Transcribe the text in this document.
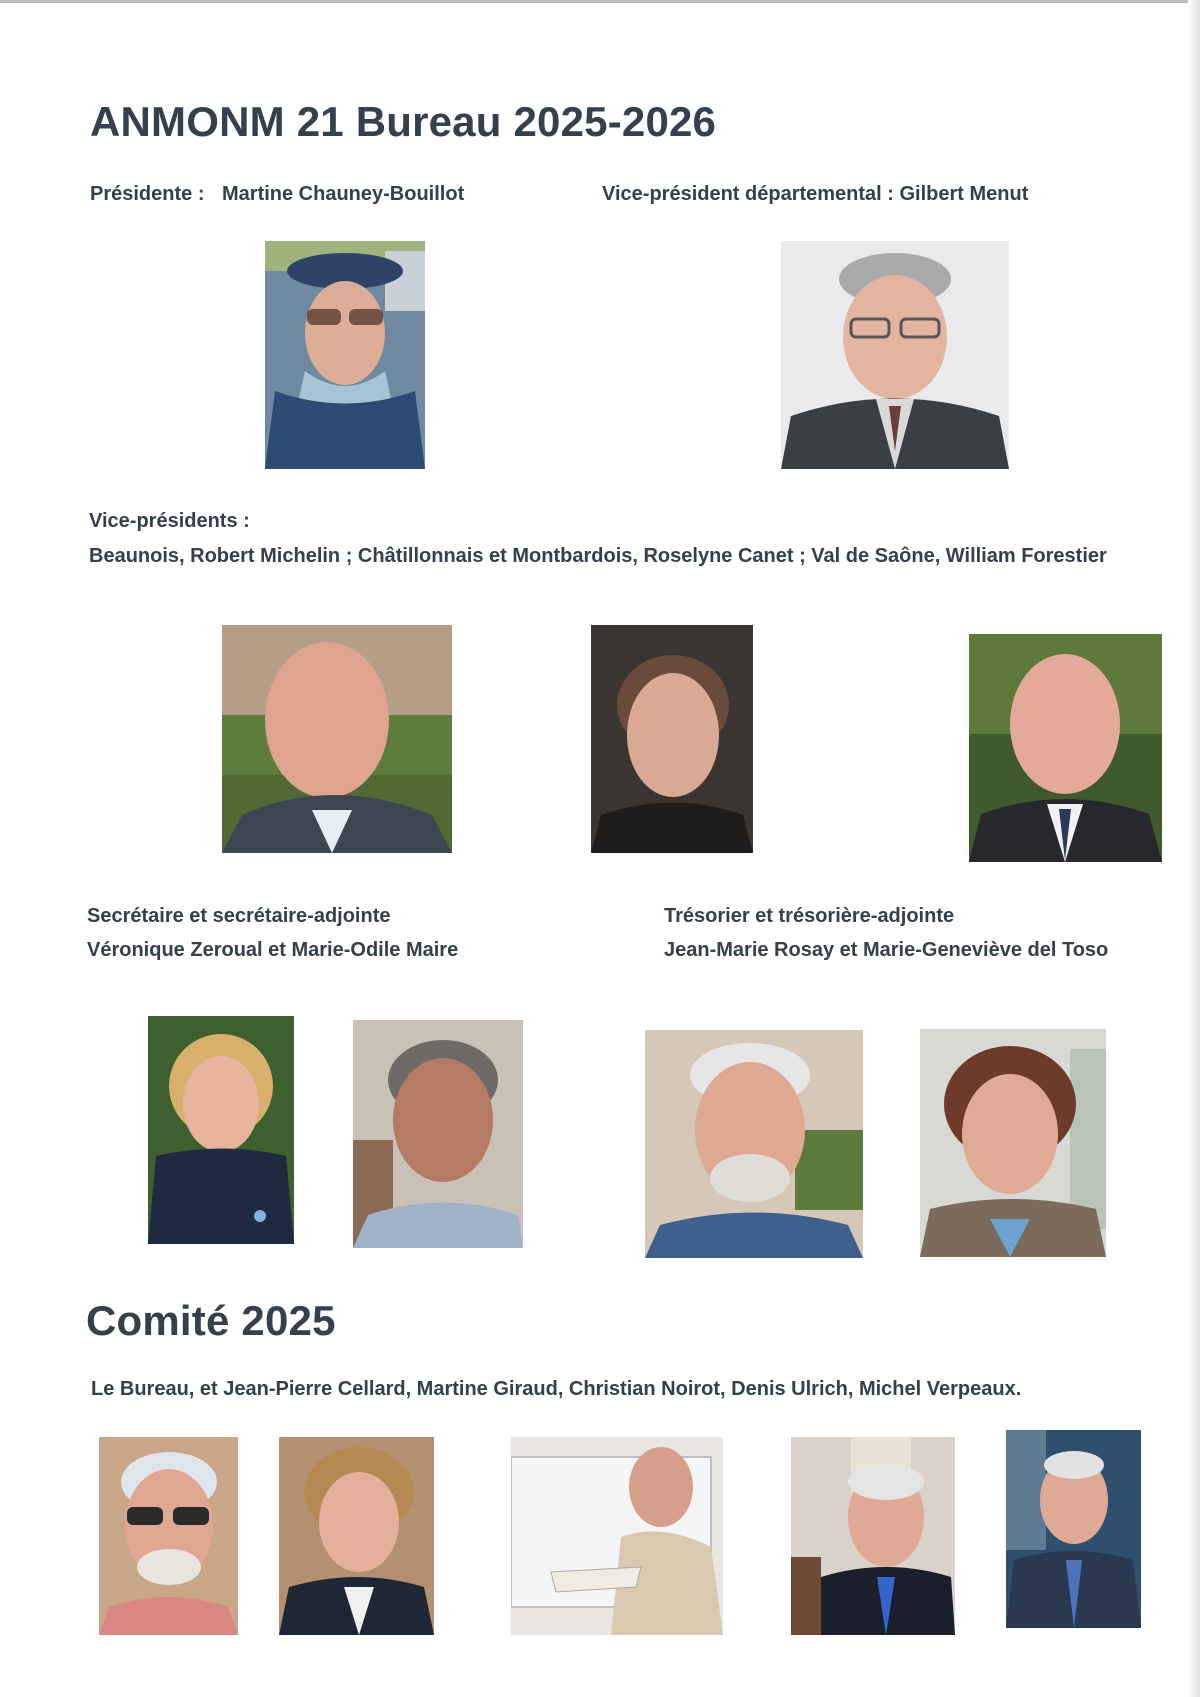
ANMONM 21 Bureau 2025-2026
Présidente : Martine Chauney-Bouillot	Vice-président départemental : Gilbert Menut
Vice-présidents :
Beaunois, Robert Michelin ; Châtillonnais et Montbardois, Roselyne Canet ; Val de Saône, William Forestier
Secrétaire et secrétaire-adjointe
Véronique Zeroual et Marie-Odile Maire
Trésorier et trésorière-adjointe
Jean-Marie Rosay et Marie-Geneviève del Toso
Comité 2025
Le Bureau, et Jean-Pierre Cellard, Martine Giraud, Christian Noirot, Denis Ulrich, Michel Verpeaux.
